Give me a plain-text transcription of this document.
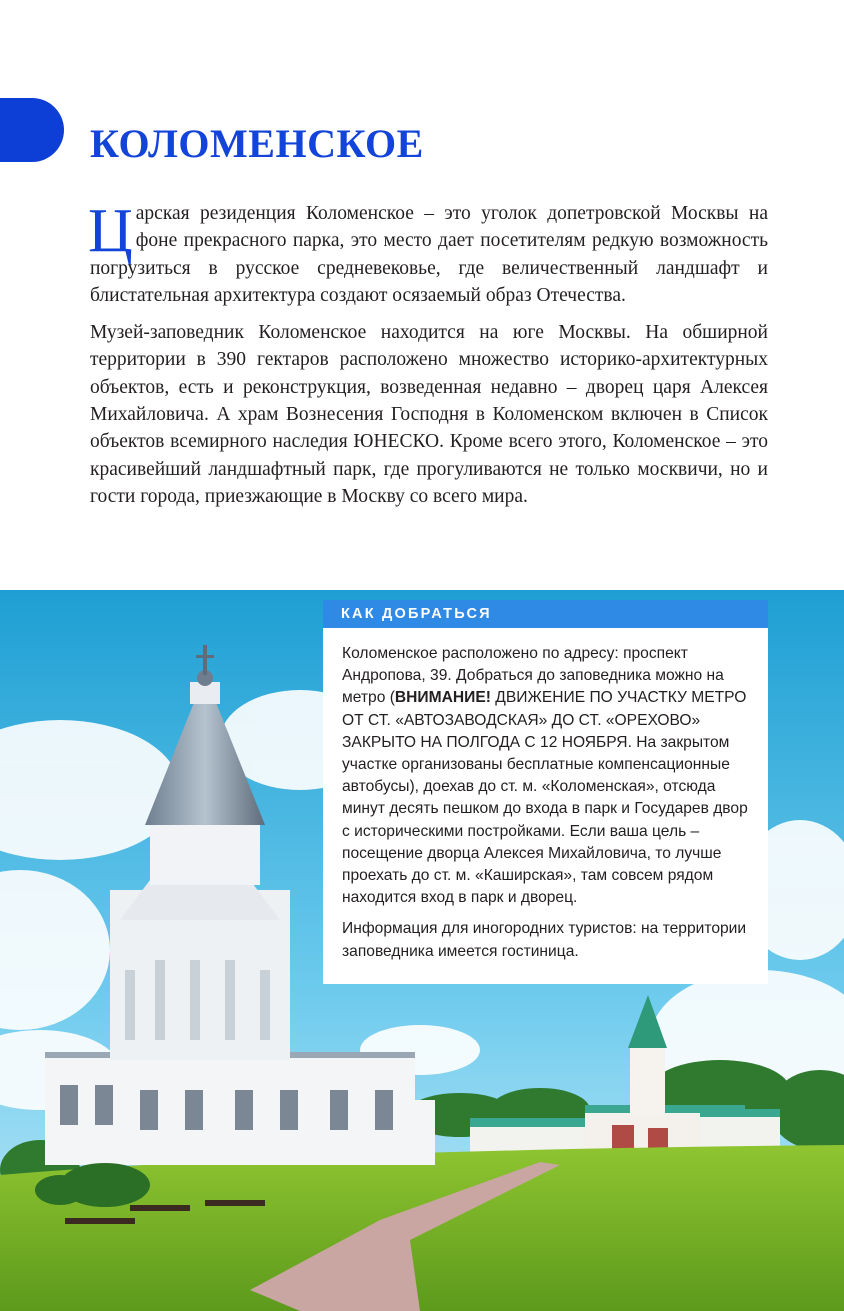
КОЛОМЕНСКОЕ

Царская резиденция Коломенское – это уголок допетровской Москвы на фоне прекрасного парка, это место дает посетителям редкую возможность погрузиться в русское средневековье, где величественный ландшафт и блистательная архитектура создают осязаемый образ Отечества.

Музей-заповедник Коломенское находится на юге Москвы. На обширной территории в 390 гектаров расположено множество историко-архитектурных объектов, есть и реконструкция, возведенная недавно – дворец царя Алексея Михайловича. А храм Вознесения Господня в Коломенском включен в Список объектов всемирного наследия ЮНЕСКО. Кроме всего этого, Коломенское – это красивейший ландшафтный парк, где прогуливаются не только москвичи, но и гости города, приезжающие в Москву со всего мира.

КАК ДОБРАТЬСЯ

Коломенское расположено по адресу: проспект Андропова, 39. Добраться до заповедника можно на метро (ВНИМАНИЕ! ДВИЖЕНИЕ ПО УЧАСТКУ МЕТРО ОТ СТ. «АВТОЗАВОДСКАЯ» ДО СТ. «ОРЕХОВО» ЗАКРЫТО НА ПОЛГОДА С 12 НОЯБРЯ. На закрытом участке организованы бесплатные компенсационные автобусы), доехав до ст. м. «Коломенская», отсюда минут десять пешком до входа в парк и Государев двор с историческими постройками. Если ваша цель – посещение дворца Алексея Михайловича, то лучше проехать до ст. м. «Каширская», там совсем рядом находится вход в парк и дворец.

Информация для иногородних туристов: на территории заповедника имеется гостиница.
